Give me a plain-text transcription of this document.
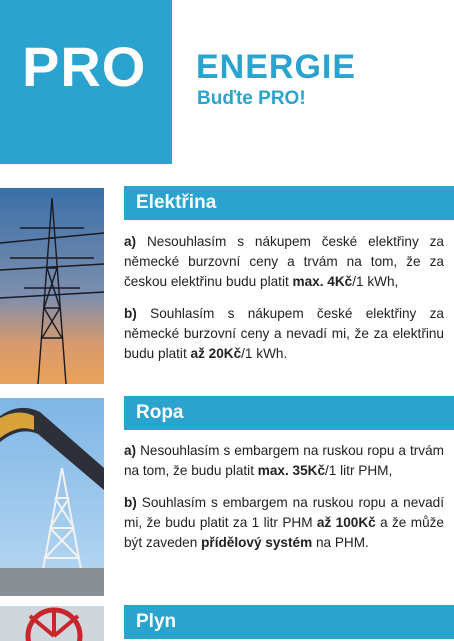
PRO	ENERGIE
Buďte PRO!
Elektřina

a) Nesouhlasím s nákupem české elektřiny za německé burzovní ceny a trvám na tom, že za českou elektřinu budu platit max. 4Kč/1 kWh,

b) Souhlasím s nákupem české elektřiny za německé burzovní ceny a nevadí mi, že za elektřinu budu platit až 20Kč/1 kWh.

Ropa

a) Nesouhlasím s embargem na ruskou ropu a trvám na tom, že budu platit max. 35Kč/1 litr PHM,

b) Souhlasím s embargem na ruskou ropu a nevadí mi, že budu platit za 1 litr PHM až 100Kč a že může být zaveden přídělový systém na PHM.

Plyn
